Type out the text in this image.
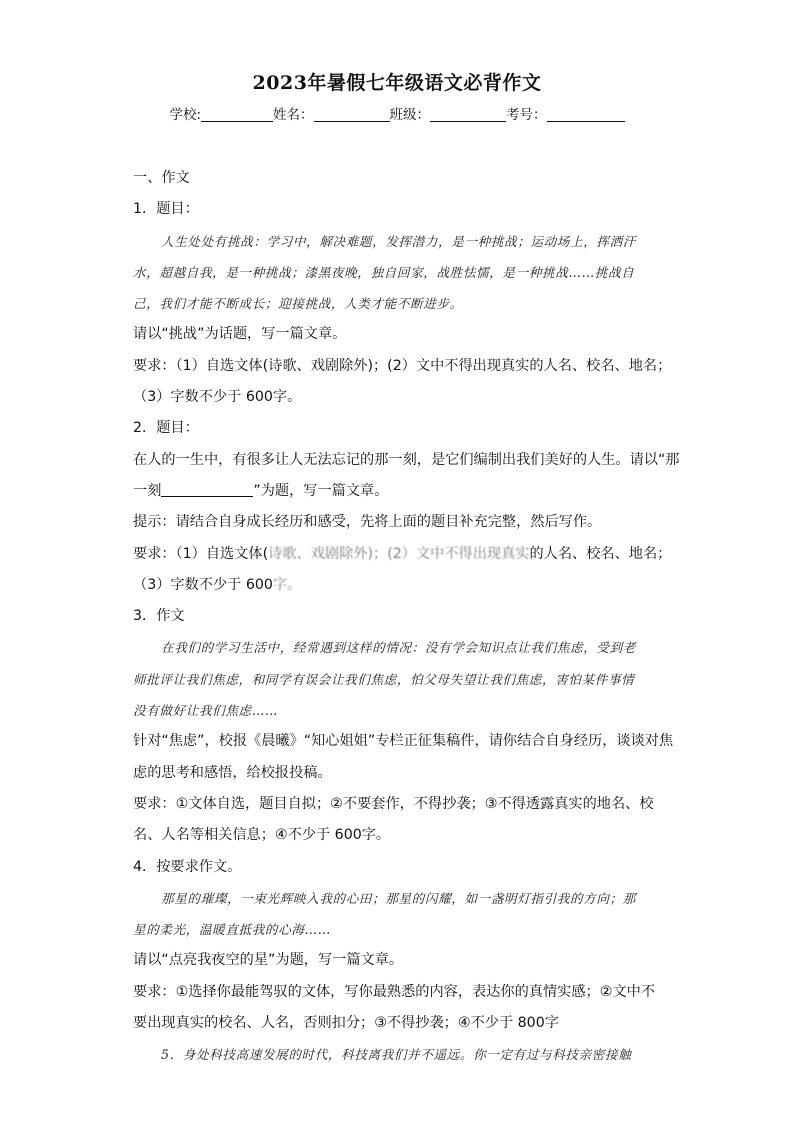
2023年暑假七年级语文必背作文
学校:	姓名：	班级：	考号：
一、作文
1．题目：
人生处处有挑战：学习中，解决难题，发挥潜力，是一种挑战；运动场上，挥洒汗
水，超越自我，是一种挑战；漆黑夜晚，独自回家，战胜怯懦，是一种挑战……挑战自
己，我们才能不断成长；迎接挑战，人类才能不断进步。
请以“挑战”为话题，写一篇文章。
要求：（1）自选文体(诗歌、戏剧除外)；(2）文中不得出现真实的人名、校名、地名；
（3）字数不少于 600字。
2．题目：
在人的一生中，有很多让人无法忘记的那一刻，是它们编制出我们美好的人生。请以“那
一刻	”为题，写一篇文章。
提示：请结合自身成长经历和感受，先将上面的题目补充完整，然后写作。
要求：（1）自选文体(诗歌、戏剧除外)；(2）文中不得出现真实的人名、校名、地名；
（3）字数不少于 600字。
3．作文
在我们的学习生活中，经常遇到这样的情况：没有学会知识点让我们焦虑，受到老
师批评让我们焦虑，和同学有误会让我们焦虑，怕父母失望让我们焦虑，害怕某件事情
没有做好让我们焦虑……
针对“焦虑”，校报《晨曦》“知心姐姐”专栏正征集稿件，请你结合自身经历，谈谈对焦
虑的思考和感悟，给校报投稿。
要求：①文体自选，题目自拟；②不要套作，不得抄袭；③不得透露真实的地名、校
名、人名等相关信息；④不少于 600字。
4．按要求作文。
那星的璀璨，一束光辉映入我的心田；那星的闪耀，如一盏明灯指引我的方向；那
星的柔光，温暖直抵我的心海……
请以“点亮我夜空的星”为题，写一篇文章。
要求：①选择你最能驾驭的文体，写你最熟悉的内容，表达你的真情实感；②文中不
要出现真实的校名、人名，否则扣分；③不得抄袭；④不少于 800字
5．身处科技高速发展的时代，科技离我们并不遥远。你一定有过与科技亲密接触
